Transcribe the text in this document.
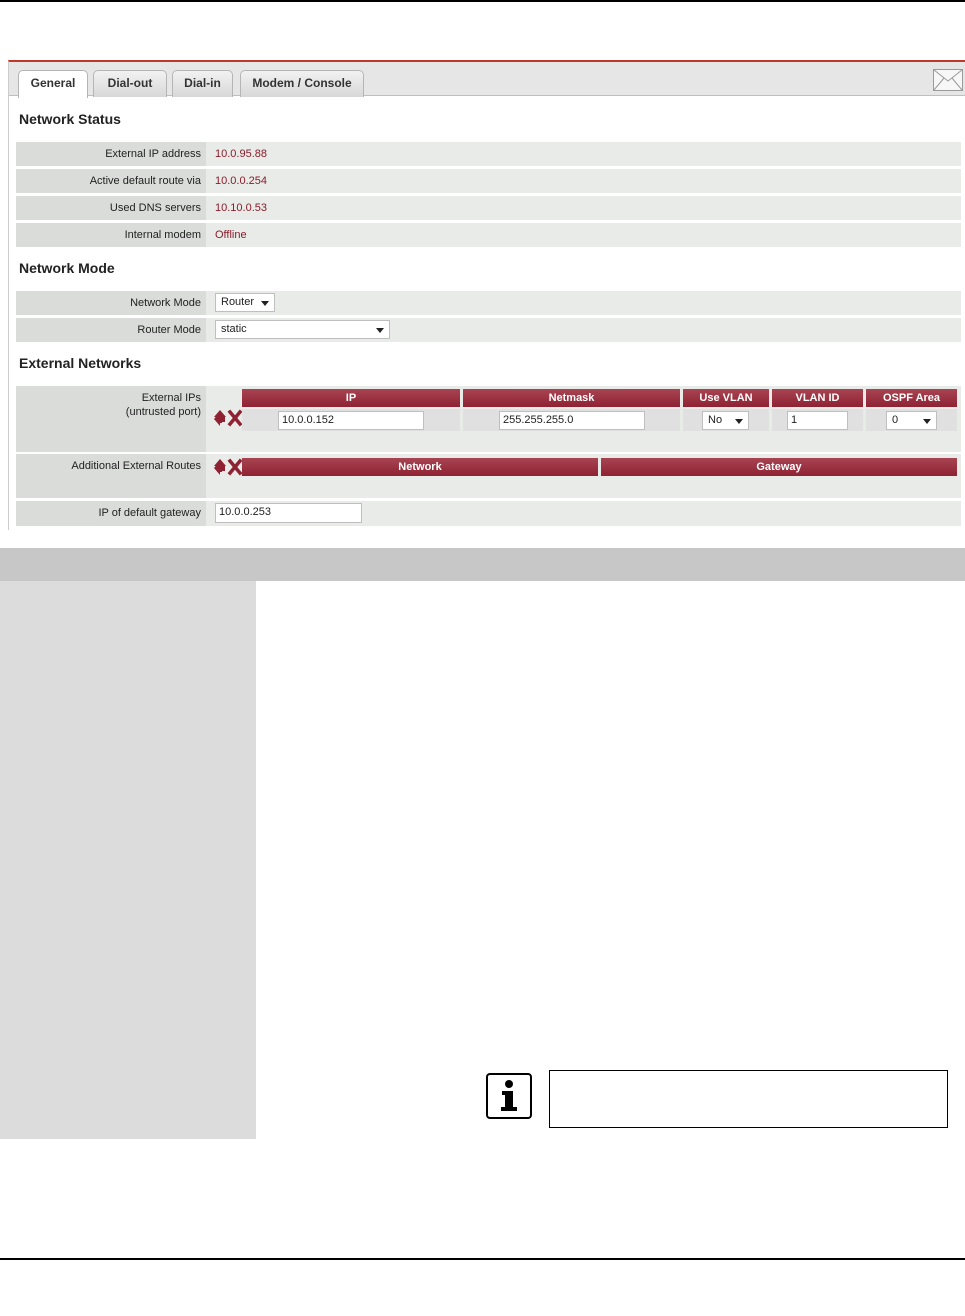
General	Dial-out	Dial-in	Modem / Console
Network Status
External IP address	10.0.95.88
Active default route via	10.0.0.254
Used DNS servers	10.10.0.53
Internal modem	Offline
Network Mode
Network Mode	Router
Router Mode	static
External Networks
External IPs
(untrusted port)
IP	Netmask	Use VLAN	VLAN ID	OSPF Area
10.0.0.152	255.255.255.0	No	1	0
Additional External Routes	Network	Gateway
IP of default gateway	10.0.0.253
